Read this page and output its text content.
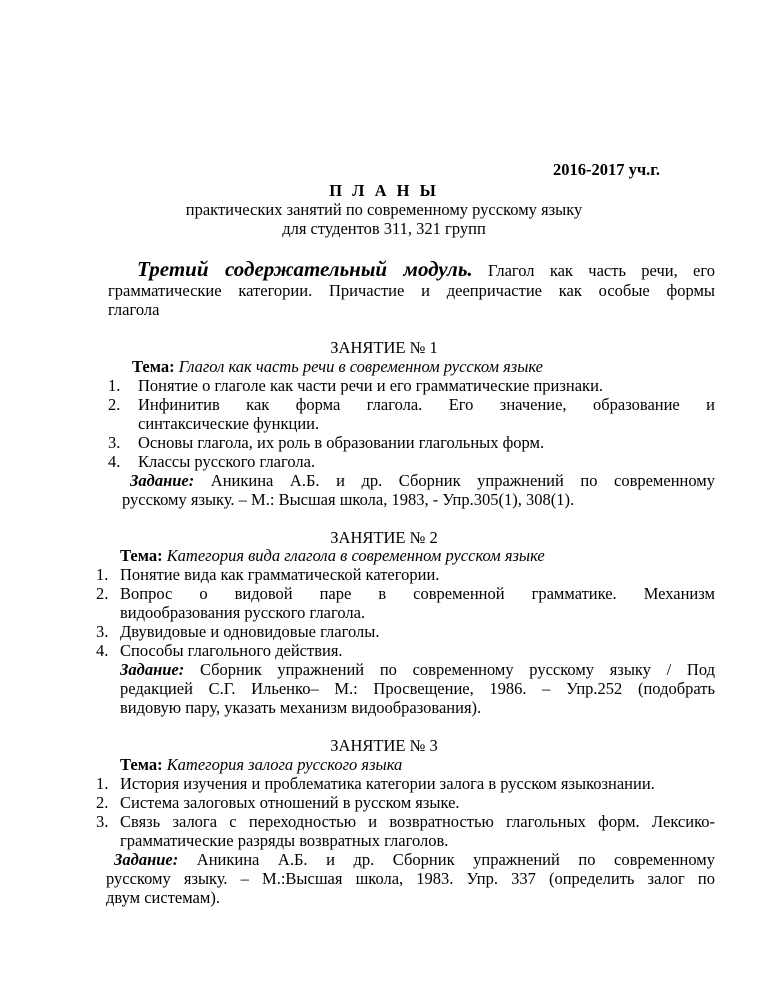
2016-2017 уч.г.
П Л А Н Ы
практических занятий по современному русскому языку
для студентов 311, 321 групп
Третий содержательный модуль. Глагол как часть речи, его
грамматические категории. Причастие и деепричастие как особые формы
глагола
ЗАНЯТИЕ № 1
Тема: Глагол как часть речи в современном русском языке
1. Понятие о глаголе как части речи и его грамматические признаки.
2. Инфинитив как форма глагола. Его значение, образование и
синтаксические функции.
3. Основы глагола, их роль в образовании глагольных форм.
4. Классы русского глагола.
Задание: Аникина А.Б. и др. Сборник упражнений по современному
русскому языку. – М.: Высшая школа, 1983, - Упр.305(1), 308(1).
ЗАНЯТИЕ № 2
Тема: Категория вида глагола в современном русском языке
1. Понятие вида как грамматической категории.
2. Вопрос о видовой паре в современной грамматике. Механизм
видообразования русского глагола.
3. Двувидовые и одновидовые глаголы.
4. Способы глагольного действия.
Задание: Сборник упражнений по современному русскому языку / Под
редакцией С.Г. Ильенко– М.: Просвещение, 1986. – Упр.252 (подобрать
видовую пару, указать механизм видообразования).
ЗАНЯТИЕ № 3
Тема: Категория залога русского языка
1. История изучения и проблематика категории залога в русском языкознании.
2. Система залоговых отношений в русском языке.
3. Связь залога с переходностью и возвратностью глагольных форм. Лексико-
грамматические разряды возвратных глаголов.
Задание: Аникина А.Б. и др. Сборник упражнений по современному
русскому языку. – М.:Высшая школа, 1983. Упр. 337 (определить залог по
двум системам).
